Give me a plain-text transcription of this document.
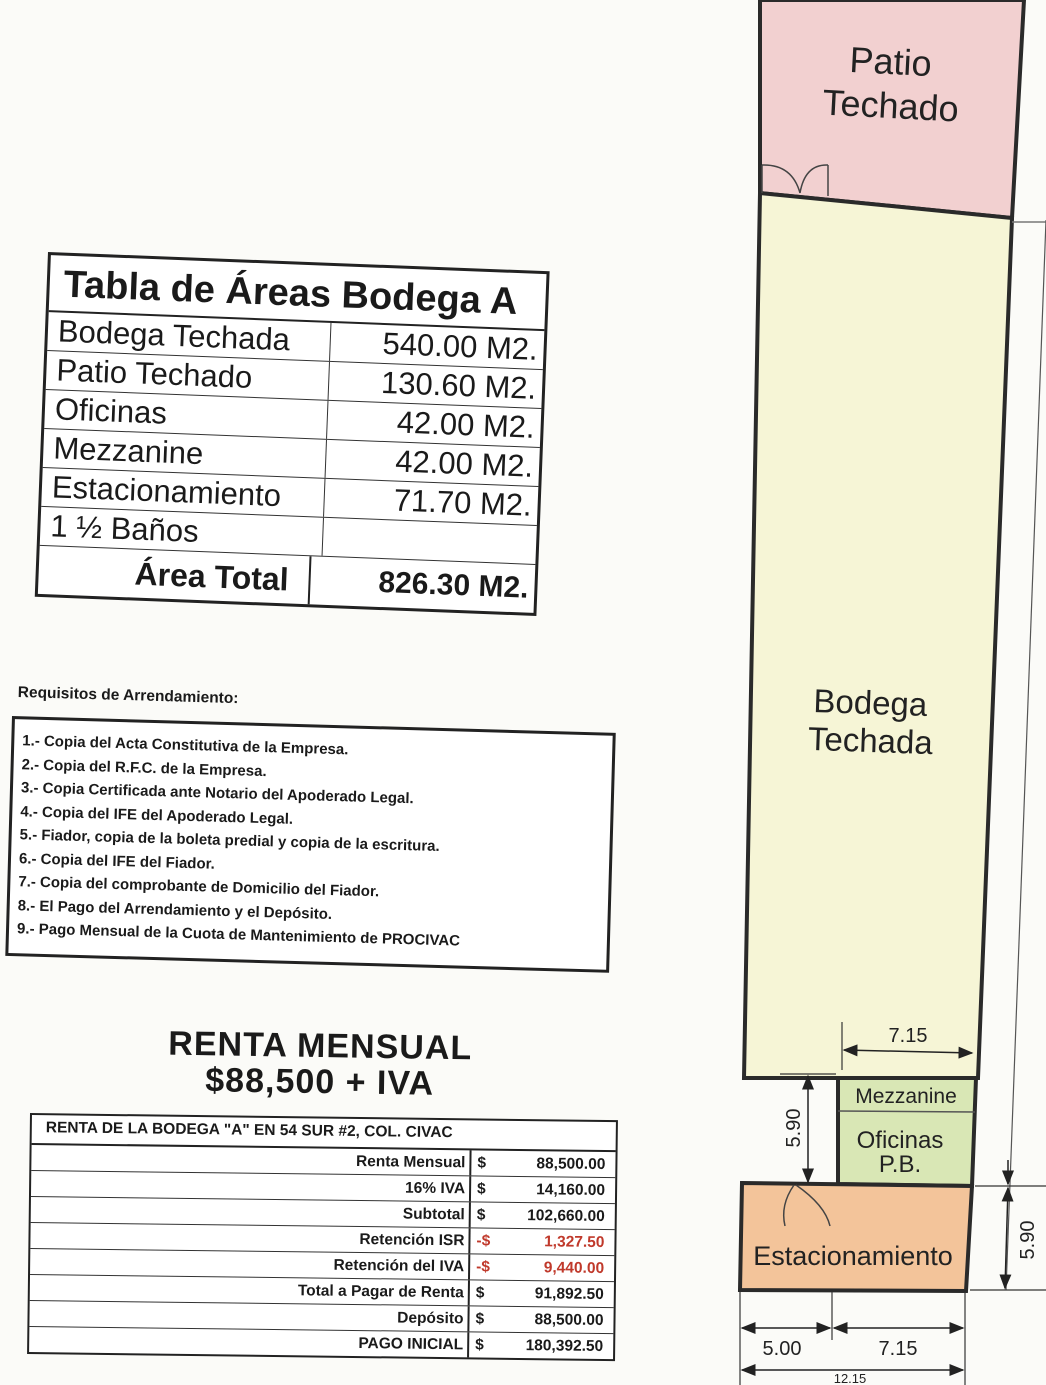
Tabla de Áreas Bodega A
Bodega Techada	540.00 M2.
Patio Techado	130.60 M2.
Oficinas	42.00 M2.
Mezzanine	42.00 M2.
Estacionamiento	71.70 M2.
1 ½ Baños
Área Total	826.30 M2.
Requisitos de Arrendamiento:
1.- Copia del Acta Constitutiva de la Empresa.
2.- Copia del R.F.C. de la Empresa.
3.- Copia Certificada ante Notario del Apoderado Legal.
4.- Copia del IFE del Apoderado Legal.
5.- Fiador, copia de la boleta predial y copia de la escritura.
6.- Copia del IFE del Fiador.
7.- Copia del comprobante de Domicilio del Fiador.
8.- El Pago del Arrendamiento y el Depósito.
9.- Pago Mensual de la Cuota de Mantenimiento de PROCIVAC
RENTA MENSUAL
$88,500 + IVA
RENTA DE LA BODEGA "A" EN 54 SUR #2, COL. CIVAC
Renta Mensual $	88,500.00
16% IVA $	14,160.00
Subtotal $	102,660.00
Retención ISR -$	1,327.50
Retención del IVA -$	9,440.00
Total a Pagar de Renta $	91,892.50
Depósito $	88,500.00
PAGO INICIAL $	180,392.50
Patio
Techado
Bodega
Techada
Mezzanine
Oficinas
P.B.
Estacionamiento
7.15
5.90
5.90
5.00	7.15
12.15
